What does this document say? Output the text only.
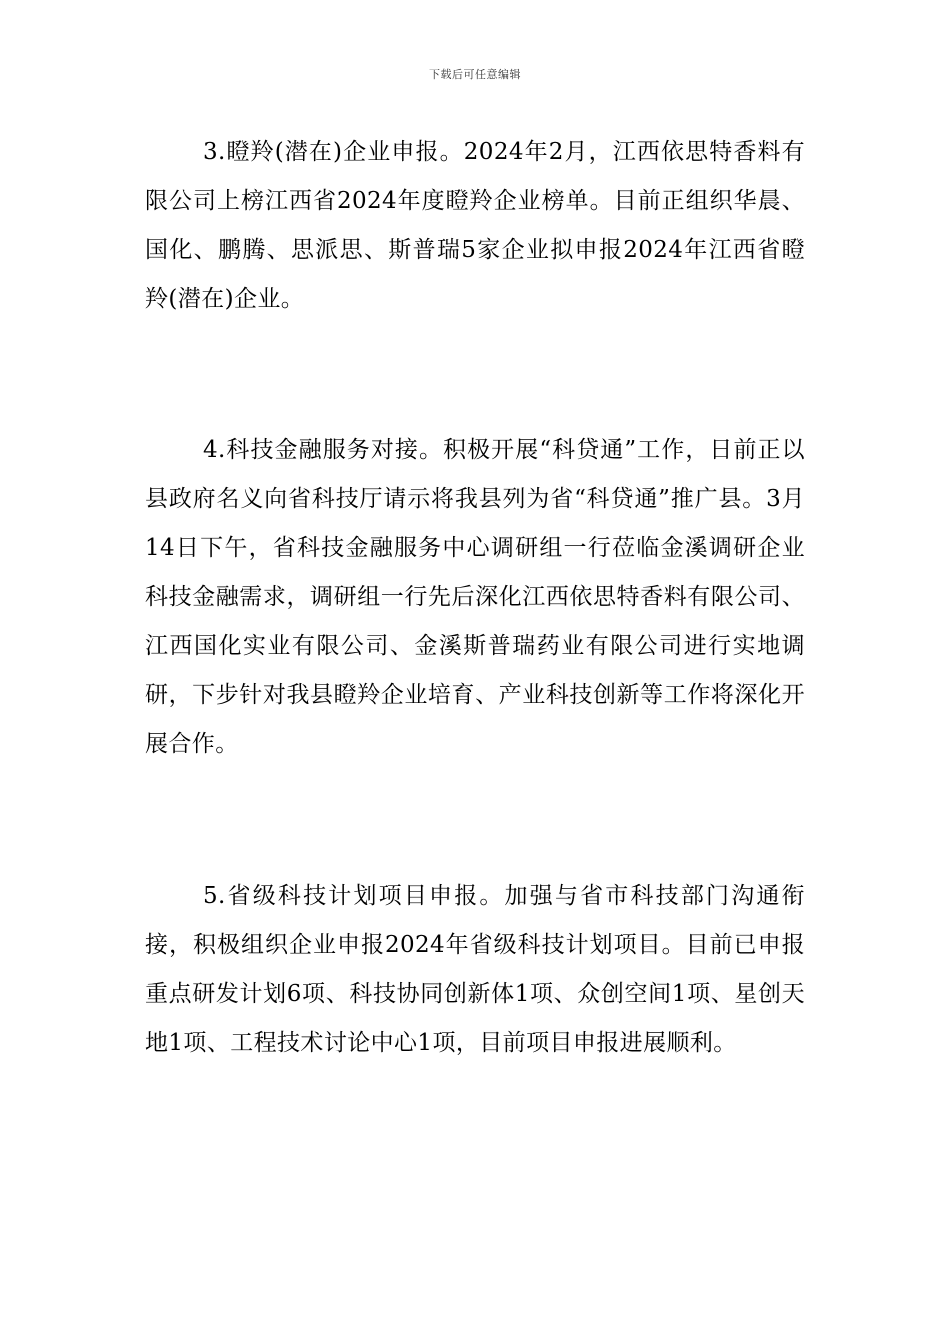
下载后可任意编辑

3.瞪羚(潜在)企业申报。2024年2月，江西依思特香料有限公司上榜江西省2024年度瞪羚企业榜单。目前正组织华晨、国化、鹏腾、思派思、斯普瑞5家企业拟申报2024年江西省瞪羚(潜在)企业。

4.科技金融服务对接。积极开展“科贷通”工作，日前正以县政府名义向省科技厅请示将我县列为省“科贷通”推广县。3月14日下午，省科技金融服务中心调研组一行莅临金溪调研企业科技金融需求，调研组一行先后深化江西依思特香料有限公司、江西国化实业有限公司、金溪斯普瑞药业有限公司进行实地调研，下步针对我县瞪羚企业培育、产业科技创新等工作将深化开展合作。

5.省级科技计划项目申报。加强与省市科技部门沟通衔接，积极组织企业申报2024年省级科技计划项目。目前已申报重点研发计划6项、科技协同创新体1项、众创空间1项、星创天地1项、工程技术讨论中心1项，目前项目申报进展顺利。
